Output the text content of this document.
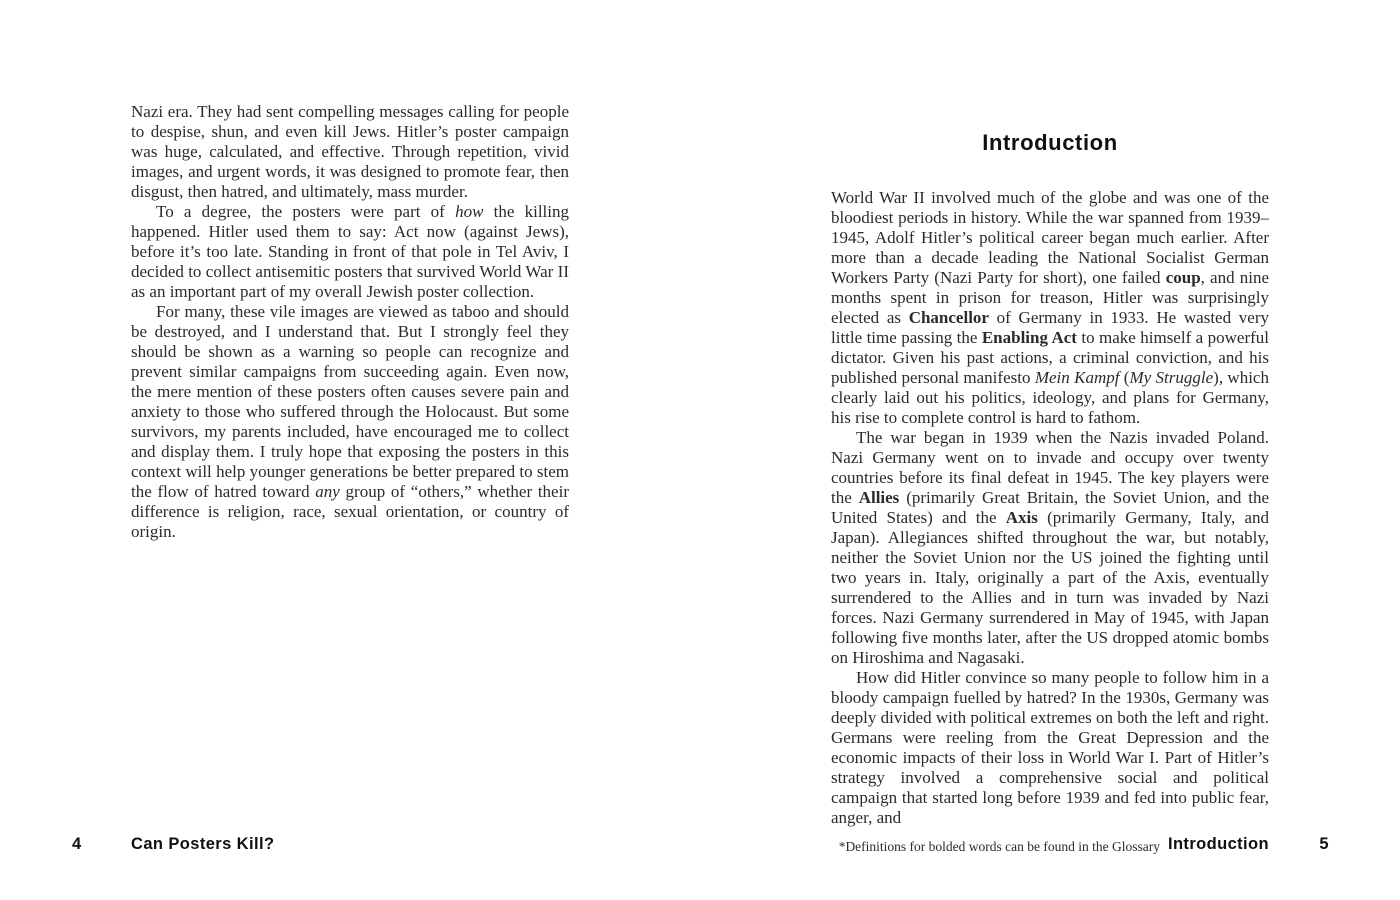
Nazi era. They had sent compelling messages calling for people to despise, shun, and even kill Jews. Hitler’s poster campaign was huge, calculated, and effective. Through repetition, vivid images, and urgent words, it was designed to promote fear, then disgust, then hatred, and ultimately, mass murder.

To a degree, the posters were part of how the killing happened. Hitler used them to say: Act now (against Jews), before it’s too late. Standing in front of that pole in Tel Aviv, I decided to collect antisemitic posters that survived World War II as an important part of my overall Jewish poster collection.

For many, these vile images are viewed as taboo and should be destroyed, and I understand that. But I strongly feel they should be shown as a warning so people can recognize and prevent similar campaigns from succeeding again. Even now, the mere mention of these posters often causes severe pain and anxiety to those who suffered through the Holocaust. But some survivors, my parents included, have encouraged me to collect and display them. I truly hope that exposing the posters in this context will help younger generations be better prepared to stem the flow of hatred toward any group of “others,” whether their difference is religion, race, sexual orientation, or country of origin.

4	Can Posters Kill?
Introduction

World War II involved much of the globe and was one of the bloodiest periods in history. While the war spanned from 1939–1945, Adolf Hitler’s political career began much earlier. After more than a decade leading the National Socialist German Workers Party (Nazi Party for short), one failed coup, and nine months spent in prison for treason, Hitler was surprisingly elected as Chancellor of Germany in 1933. He wasted very little time passing the Enabling Act to make himself a powerful dictator. Given his past actions, a criminal conviction, and his published personal manifesto Mein Kampf (My Struggle), which clearly laid out his politics, ideology, and plans for Germany, his rise to complete control is hard to fathom.

The war began in 1939 when the Nazis invaded Poland. Nazi Germany went on to invade and occupy over twenty countries before its final defeat in 1945. The key players were the Allies (primarily Great Britain, the Soviet Union, and the United States) and the Axis (primarily Germany, Italy, and Japan). Allegiances shifted throughout the war, but notably, neither the Soviet Union nor the US joined the fighting until two years in. Italy, originally a part of the Axis, eventually surrendered to the Allies and in turn was invaded by Nazi forces. Nazi Germany surrendered in May of 1945, with Japan following five months later, after the US dropped atomic bombs on Hiroshima and Nagasaki.

How did Hitler convince so many people to follow him in a bloody campaign fuelled by hatred? In the 1930s, Germany was deeply divided with political extremes on both the left and right. Germans were reeling from the Great Depression and the economic impacts of their loss in World War I. Part of Hitler’s strategy involved a comprehensive social and political campaign that started long before 1939 and fed into public fear, anger, and

*Definitions for bolded words can be found in the Glossary Introduction	5
